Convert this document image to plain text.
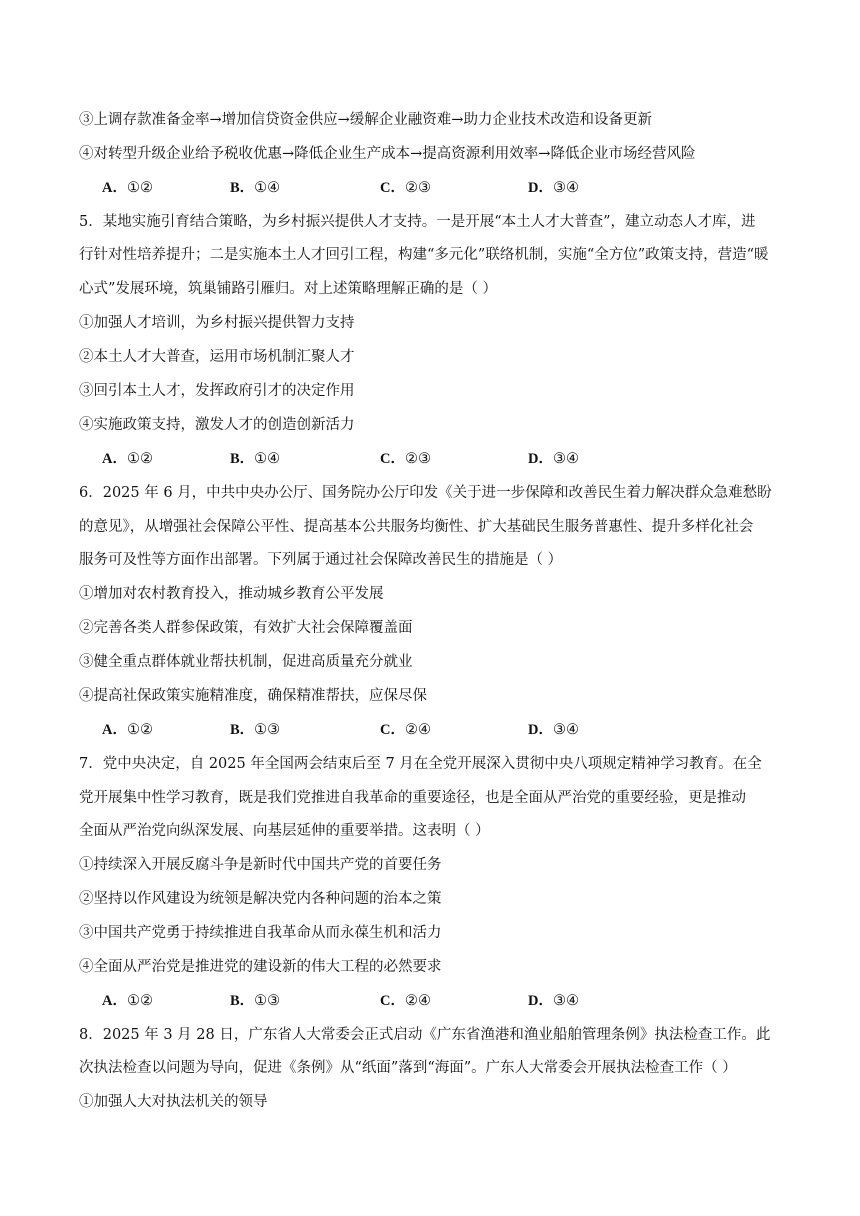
③上调存款准备金率→增加信贷资金供应→缓解企业融资难→助力企业技术改造和设备更新
④对转型升级企业给予税收优惠→降低企业生产成本→提高资源利用效率→降低企业市场经营风险
A．①②	B．①④	C．②③	D．③④
5．某地实施引育结合策略，为乡村振兴提供人才支持。一是开展“本土人才大普查”，建立动态人才库，进
行针对性培养提升；二是实施本土人才回引工程，构建“多元化”联络机制，实施“全方位”政策支持，营造“暖
心式”发展环境，筑巢铺路引雁归。对上述策略理解正确的是（ ）
①加强人才培训，为乡村振兴提供智力支持
②本土人才大普查，运用市场机制汇聚人才
③回引本土人才，发挥政府引才的决定作用
④实施政策支持，激发人才的创造创新活力
A．①②	B．①④	C．②③	D．③④
6．2025 年 6 月，中共中央办公厅、国务院办公厅印发《关于进一步保障和改善民生着力解决群众急难愁盼
的意见》，从增强社会保障公平性、提高基本公共服务均衡性、扩大基础民生服务普惠性、提升多样化社会
服务可及性等方面作出部署。下列属于通过社会保障改善民生的措施是（ ）
①增加对农村教育投入，推动城乡教育公平发展
②完善各类人群参保政策，有效扩大社会保障覆盖面
③健全重点群体就业帮扶机制，促进高质量充分就业
④提高社保政策实施精准度，确保精准帮扶，应保尽保
A．①②	B．①③	C．②④	D．③④
7．党中央决定，自 2025 年全国两会结束后至 7 月在全党开展深入贯彻中央八项规定精神学习教育。在全
党开展集中性学习教育，既是我们党推进自我革命的重要途径，也是全面从严治党的重要经验，更是推动
全面从严治党向纵深发展、向基层延伸的重要举措。这表明（ ）
①持续深入开展反腐斗争是新时代中国共产党的首要任务
②坚持以作风建设为统领是解决党内各种问题的治本之策
③中国共产党勇于持续推进自我革命从而永葆生机和活力
④全面从严治党是推进党的建设新的伟大工程的必然要求
A．①②	B．①③	C．②④	D．③④
8．2025 年 3 月 28 日，广东省人大常委会正式启动《广东省渔港和渔业船舶管理条例》执法检查工作。此
次执法检查以问题为导向，促进《条例》从“纸面”落到“海面”。广东人大常委会开展执法检查工作（ ）
①加强人大对执法机关的领导
